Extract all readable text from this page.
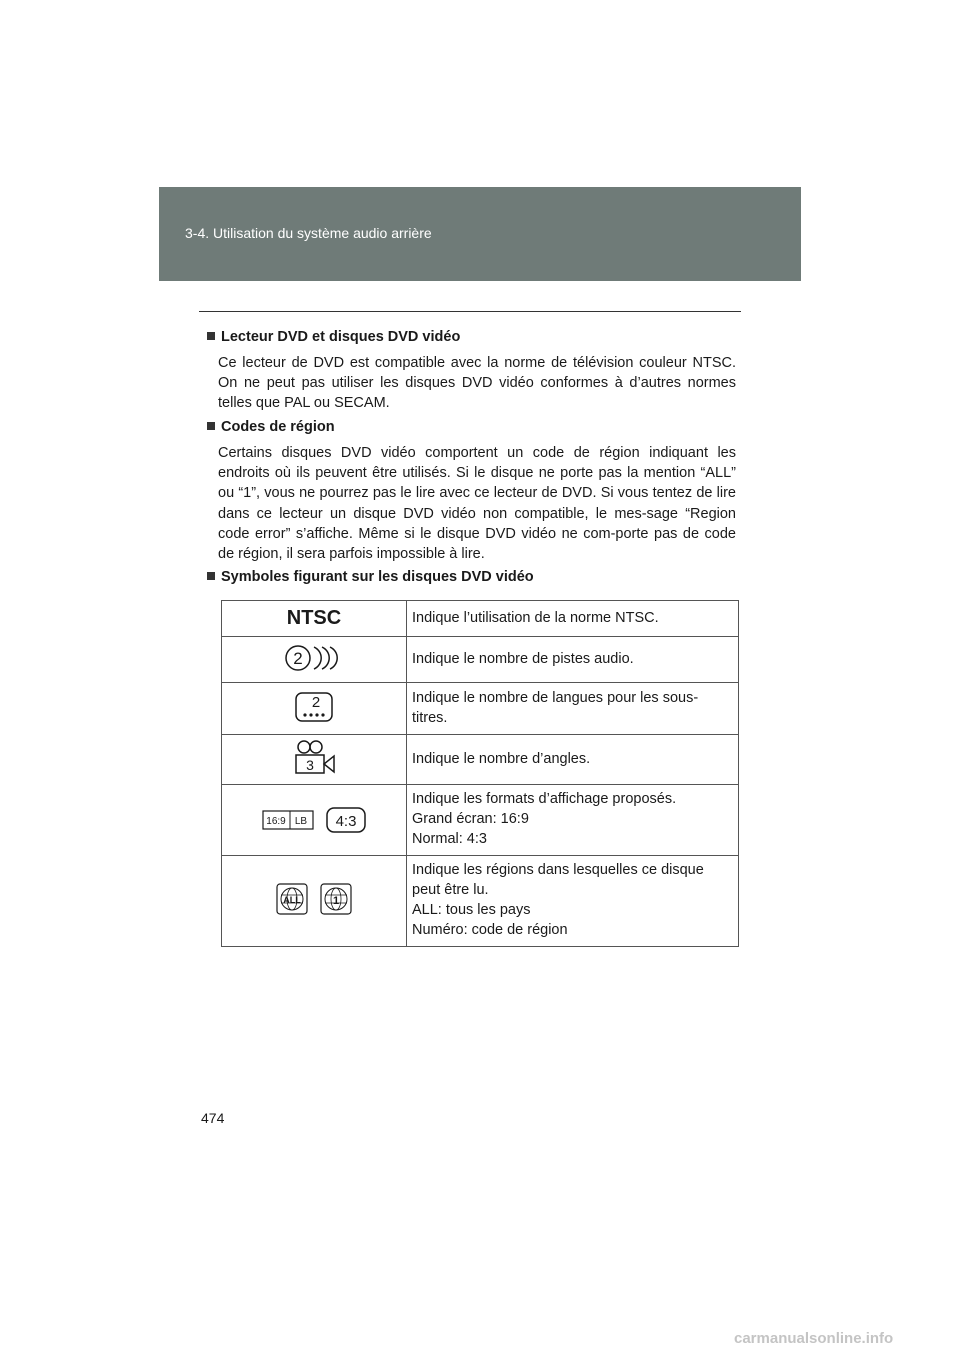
3-4. Utilisation du système audio arrière
Lecteur DVD et disques DVD vidéo
Ce lecteur de DVD est compatible avec la norme de télévision couleur NTSC. On ne peut pas utiliser les disques DVD vidéo conformes à d’autres normes telles que PAL ou SECAM.
Codes de région
Certains disques DVD vidéo comportent un code de région indiquant les endroits où ils peuvent être utilisés. Si le disque ne porte pas la mention “ALL” ou “1”, vous ne pourrez pas le lire avec ce lecteur de DVD. Si vous tentez de lire dans ce lecteur un disque DVD vidéo non compatible, le mes-sage “Region code error” s’affiche. Même si le disque DVD vidéo ne com-porte pas de code de région, il sera parfois impossible à lire.
Symboles figurant sur les disques DVD vidéo
NTSC	Indique l’utilisation de la norme NTSC.

2	Indique le nombre de pistes audio.

2	Indique le nombre de langues pour les sous-
titres.

3	Indique le nombre d’angles.

16:9 LB 4:3	Indique les formats d’affichage proposés.
Grand écran: 16:9
Normal: 4:3

ALL 1	Indique les régions dans lesquelles ce disque
peut être lu.
ALL: tous les pays
Numéro: code de région
474
carmanualsonline.info
